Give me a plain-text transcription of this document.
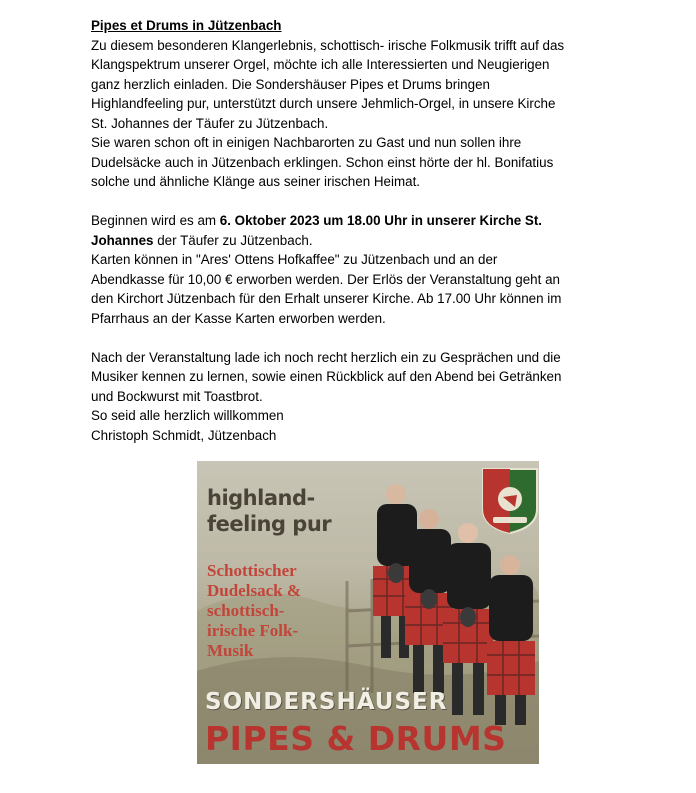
Pipes et Drums in Jützenbach

Zu diesem besonderen Klangerlebnis, schottisch- irische Folkmusik trifft auf das

Klangspektrum unserer Orgel, möchte ich alle Interessierten und Neugierigen

ganz herzlich einladen. Die Sondershäuser Pipes et Drums bringen

Highlandfeeling pur, unterstützt durch unsere Jehmlich-Orgel, in unsere Kirche

St. Johannes der Täufer zu Jützenbach.

Sie waren schon oft in einigen Nachbarorten zu Gast und nun sollen ihre

Dudelsäcke auch in Jützenbach erklingen. Schon einst hörte der hl. Bonifatius

solche und ähnliche Klänge aus seiner irischen Heimat.

Beginnen wird es am 6. Oktober 2023 um 18.00 Uhr in unserer Kirche St.

Johannes der Täufer zu Jützenbach.

Karten können in "Ares' Ottens Hofkaffee" zu Jützenbach und an der

Abendkasse für 10,00 € erworben werden. Der Erlös der Veranstaltung geht an

den Kirchort Jützenbach für den Erhalt unserer Kirche. Ab 17.00 Uhr können im

Pfarrhaus an der Kasse Karten erworben werden.

Nach der Veranstaltung lade ich noch recht herzlich ein zu Gesprächen und die

Musiker kennen zu lernen, sowie einen Rückblick auf den Abend bei Getränken

und Bockwurst mit Toastbrot.

So seid alle herzlich willkommen

Christoph Schmidt, Jützenbach

highland-

feeling pur

Schottischer

Dudelsack &

schottisch-

irische Folk-

Musik

SONDERSHÄUSER

PIPES & DRUMS
